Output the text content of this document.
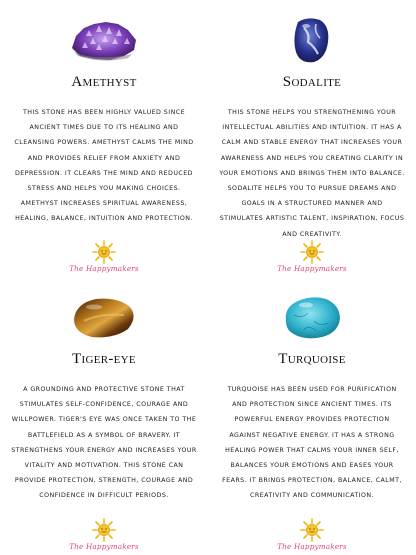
Amethyst
THIS STONE HAS BEEN HIGHLY VALUED SINCE ANCIENT TIMES DUE TO ITS HEALING AND CLEANSING POWERS. AMETHYST CALMS THE MIND AND PROVIDES RELIEF FROM ANXIETY AND DEPRESSION. IT CLEARS THE MIND AND REDUCED STRESS AND HELPS YOU MAKING CHOICES. AMETHYST INCREASES SPIRITUAL AWARENESS, HEALING, BALANCE, INTUITION AND PROTECTION.
The Happymakers
Sodalite
THIS STONE HELPS YOU STRENGTHENING YOUR INTELLECTUAL ABILITIES AND INTUITION. IT HAS A CALM AND STABLE ENERGY THAT INCREASES YOUR AWARENESS AND HELPS YOU CREATING CLARITY IN YOUR EMOTIONS AND BRINGS THEM INTO BALANCE. SODALITE HELPS YOU TO PURSUE DREAMS AND GOALS IN A STRUCTURED MANNER AND STIMULATES ARTISTIC TALENT, INSPIRATION, FOCUS AND CREATIVITY.
The Happymakers
Tiger-eye
A GROUNDING AND PROTECTIVE STONE THAT STIMULATES SELF-CONFIDENCE, COURAGE AND WILLPOWER. TIGER'S EYE WAS ONCE TAKEN TO THE BATTLEFIELD AS A SYMBOL OF BRAVERY. IT STRENGTHENS YOUR ENERGY AND INCREASES YOUR VITALITY AND MOTIVATION. THIS STONE CAN PROVIDE PROTECTION, STRENGTH, COURAGE AND CONFIDENCE IN DIFFICULT PERIODS.
The Happymakers
Turquoise
TURQUOISE HAS BEEN USED FOR PURIFICATION AND PROTECTION SINCE ANCIENT TIMES. ITS POWERFUL ENERGY PROVIDES PROTECTION AGAINST NEGATIVE ENERGY. IT HAS A STRONG HEALING POWER THAT CALMS YOUR INNER SELF, BALANCES YOUR EMOTIONS AND EASES YOUR FEARS. IT BRINGS PROTECTION, BALANCE, CALMT, CREATIVITY AND COMMUNICATION.
The Happymakers
